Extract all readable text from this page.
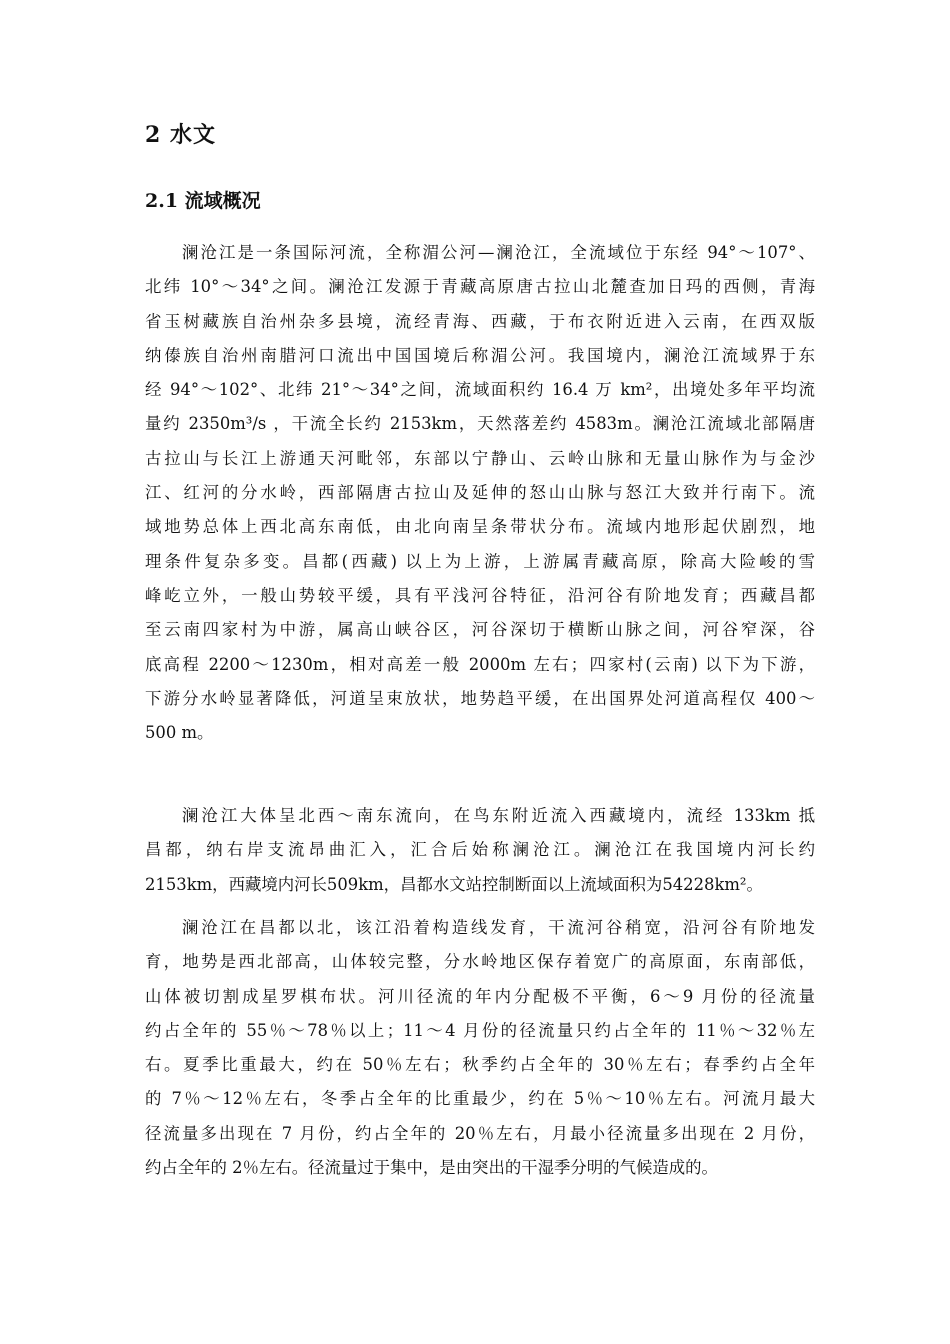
2 水文
2.1 流域概况
澜沧江是一条国际河流，全称湄公河—澜沧江，全流域位于东经 94°～107°、
北纬 10°～34°之间。澜沧江发源于青藏高原唐古拉山北麓查加日玛的西侧，青海
省玉树藏族自治州杂多县境，流经青海、西藏，于布衣附近进入云南，在西双版
纳傣族自治州南腊河口流出中国国境后称湄公河。我国境内，澜沧江流域界于东
经 94°～102°、北纬 21°～34°之间，流域面积约 16.4 万 km²，出境处多年平均流
量约 2350m³/s ，干流全长约 2153km，天然落差约 4583m。澜沧江流域北部隔唐
古拉山与长江上游通天河毗邻，东部以宁静山、云岭山脉和无量山脉作为与金沙
江、红河的分水岭，西部隔唐古拉山及延伸的怒山山脉与怒江大致并行南下。流
域地势总体上西北高东南低，由北向南呈条带状分布。流域内地形起伏剧烈，地
理条件复杂多变。昌都(西藏) 以上为上游，上游属青藏高原，除高大险峻的雪
峰屹立外，一般山势较平缓，具有平浅河谷特征，沿河谷有阶地发育；西藏昌都
至云南四家村为中游，属高山峡谷区，河谷深切于横断山脉之间，河谷窄深，谷
底高程 2200～1230m，相对高差一般 2000m 左右；四家村(云南) 以下为下游，
下游分水岭显著降低，河道呈束放状，地势趋平缓，在出国界处河道高程仅 400～
500 m。
澜沧江大体呈北西～南东流向，在鸟东附近流入西藏境内，流经 133km 抵
昌都，纳右岸支流昂曲汇入，汇合后始称澜沧江。澜沧江在我国境内河长约
2153km，西藏境内河长509km，昌都水文站控制断面以上流域面积为54228km²。
澜沧江在昌都以北，该江沿着构造线发育，干流河谷稍宽，沿河谷有阶地发
育，地势是西北部高，山体较完整，分水岭地区保存着宽广的高原面，东南部低，
山体被切割成星罗棋布状。河川径流的年内分配极不平衡，6～9 月份的径流量
约占全年的 55％～78％以上；11～4 月份的径流量只约占全年的 11％～32％左
右。夏季比重最大，约在 50％左右；秋季约占全年的 30％左右；春季约占全年
的 7％～12％左右，冬季占全年的比重最少，约在 5％～10％左右。河流月最大
径流量多出现在 7 月份，约占全年的 20％左右，月最小径流量多出现在 2 月份，
约占全年的 2％左右。径流量过于集中，是由突出的干湿季分明的气候造成的。
